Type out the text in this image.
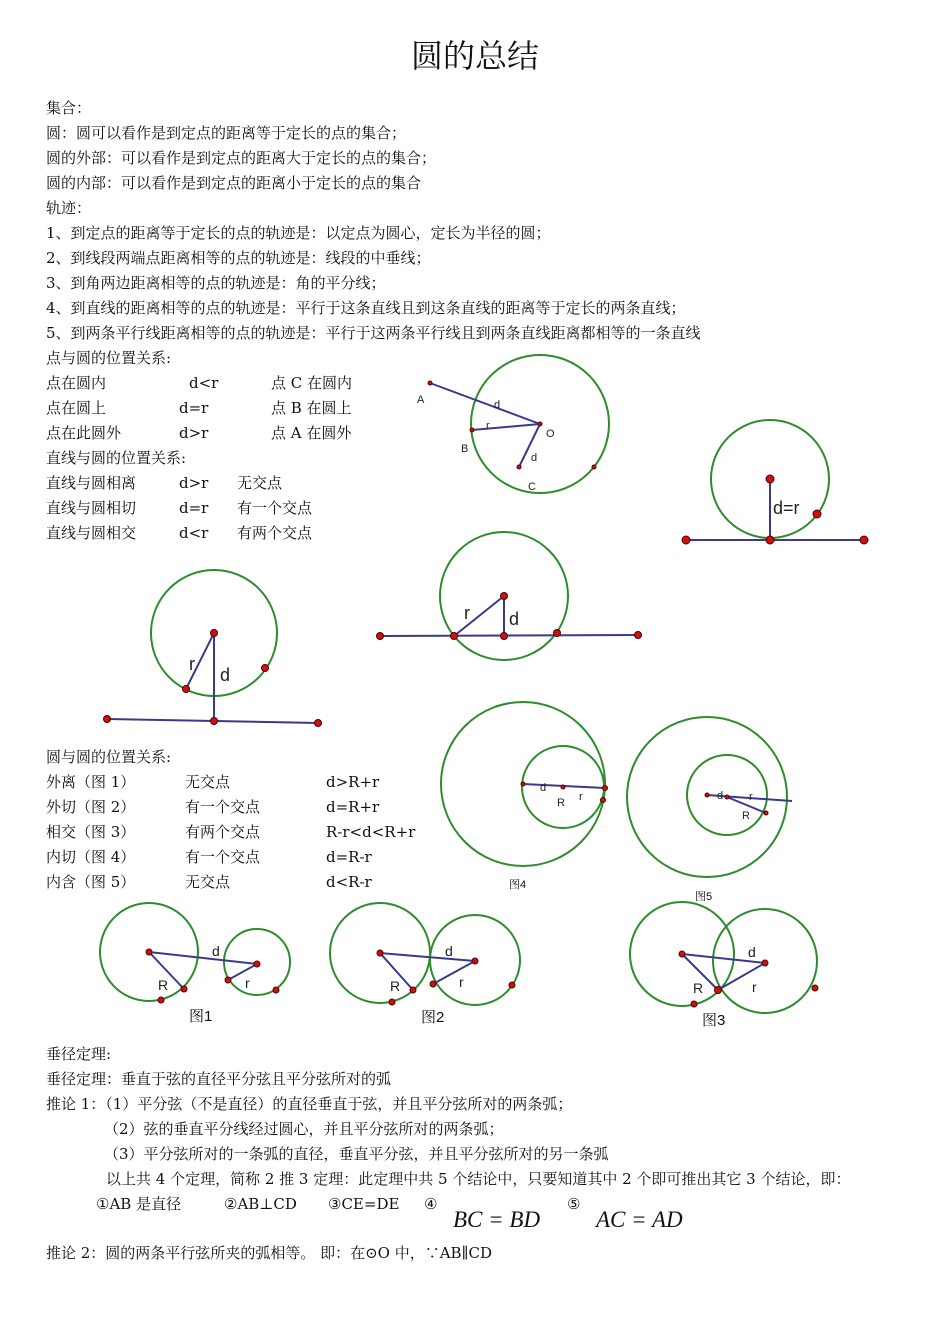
圆的总结
集合：
圆：圆可以看作是到定点的距离等于定长的点的集合；
圆的外部：可以看作是到定点的距离大于定长的点的集合；
圆的内部：可以看作是到定点的距离小于定长的点的集合
轨迹：
1、到定点的距离等于定长的点的轨迹是：以定点为圆心，定长为半径的圆；
2、到线段两端点距离相等的点的轨迹是：线段的中垂线；
3、到角两边距离相等的点的轨迹是：角的平分线；
4、到直线的距离相等的点的轨迹是：平行于这条直线且到这条直线的距离等于定长的两条直线；
5、到两条平行线距离相等的点的轨迹是：平行于这两条平行线且到两条直线距离都相等的一条直线
点与圆的位置关系:
点在圆内	d<r	点 C 在圆内
点在圆上	d=r	点 B 在圆上
点在此圆外	d>r	点 A 在圆外
直线与圆的位置关系:
直线与圆相离	d>r 无交点
直线与圆相切	d=r 有一个交点
直线与圆相交	d<r 有两个交点
圆与圆的位置关系:
外离（图 1）	无交点	d>R+r
外切（图 2）	有一个交点	d=R+r
相交（图 3）	有两个交点	R-r<d<R+r
内切（图 4）	有一个交点	d=R-r
内含（图 5）	无交点	d<R-r
A
B
C
O
d
r
d
d
R r	d r
R
d=r
r
d
r d
d
R	r
d
R	r
d
R	r
图1	图2	图3
图4
图5
垂径定理:
垂径定理：垂直于弦的直径平分弦且平分弦所对的弧
推论 1：（1）平分弦（不是直径）的直径垂直于弦，并且平分弦所对的两条弧；
（2）弦的垂直平分线经过圆心，并且平分弦所对的两条弧；
（3）平分弦所对的一条弧的直径，垂直平分弦，并且平分弦所对的另一条弧
以上共 4 个定理，简称 2 推 3 定理：此定理中共 5 个结论中，只要知道其中 2 个即可推出其它 3 个结论，即：
①AB 是直径	②AB⊥CD ③CE=DE ④
BC = BD
⑤
AC = AD
推论 2：圆的两条平行弦所夹的弧相等。 即：在⊙O 中，∵AB∥CD
